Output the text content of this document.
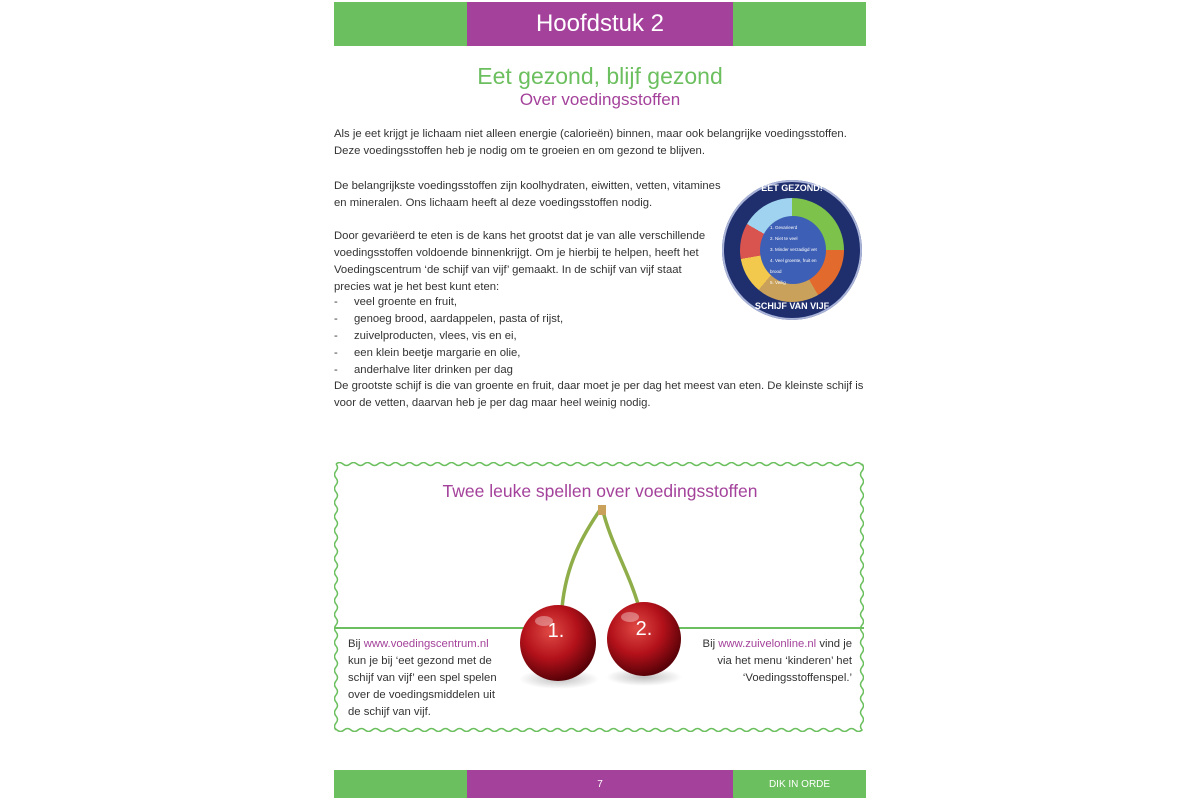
Hoofdstuk 2
Eet gezond, blijf gezond
Over voedingsstoffen
Als je eet krijgt je lichaam niet alleen energie (calorieën) binnen, maar ook belangrijke voedingsstoffen. Deze voedingsstoffen heb je nodig om te groeien en om gezond te blijven.
De belangrijkste voedingsstoffen zijn koolhydraten, eiwitten, vetten, vitamines en mineralen. Ons lichaam heeft al deze voedingsstoffen nodig.
Door gevariëerd te eten is de kans het grootst dat je van alle verschillende voedingsstoffen voldoende binnenkrijgt. Om je hierbij te helpen, heeft het Voedingscentrum ‘de schijf van vijf’ gemaakt. In de schijf van vijf staat precies wat je het best kunt eten:
-	veel groente en fruit,
-	genoeg brood, aardappelen, pasta of rijst,
-	zuivelproducten, vlees, vis en ei,
-	een klein beetje margarie en olie,
-	anderhalve liter drinken per dag
De grootste schijf is die van groente en fruit, daar moet je per dag het meest van eten. De kleinste schijf is voor de vetten, daarvan heb je per dag maar heel weinig nodig.
1. Gevarieerd
2. Niet te veel
3. Minder verzadigd vet
4. Veel groente, fruit en brood
5. Veilig
EET GEZOND!
SCHIJF VAN VIJF
Twee leuke spellen over voedingsstoffen
1.	2.
Bij www.voedingscentrum.nl kun je bij ‘eet gezond met de schijf van vijf’ een spel spelen over de voedingsmiddelen uit de schijf van vijf.
Bij www.zuivelonline.nl vind je via het menu ‘kinderen’ het ‘Voedingsstoffenspel.’
7	DIK IN ORDE
